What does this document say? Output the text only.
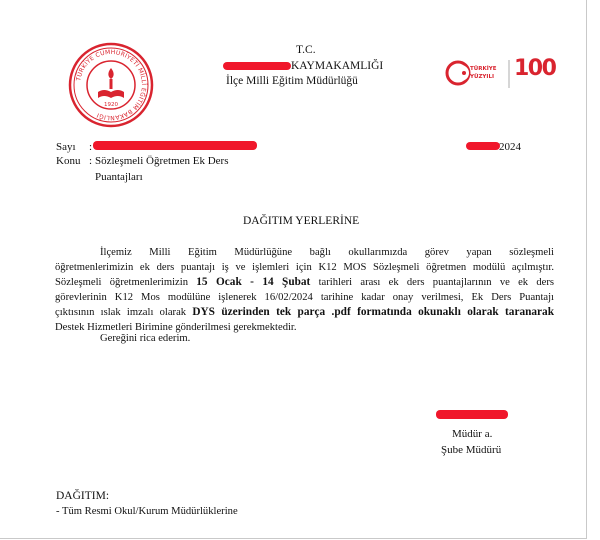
TÜRKİYE CUMHURİYETİ MİLLÎ EĞİTİM BAKANLIĞI
1920
T.C.
KAYMAKAMLIĞI
İlçe Milli Eğitim Müdürlüğü
TÜRKİYE
YÜZYILI 100
Sayı :	2024
Konu : Sözleşmeli Öğretmen Ek Ders
Puantajları
DAĞITIM YERLERİNE
İlçemiz Milli Eğitim Müdürlüğüne bağlı okullarımızda görev yapan sözleşmeli
öğretmenlerimizin ek ders puantajı iş ve işlemleri için K12 MOS Sözleşmeli öğretmen modülü açılmıştır.
Sözleşmeli öğretmenlerimizin 15 Ocak - 14 Şubat tarihleri arası ek ders puantajlarının ve ek ders
görevlerinin K12 Mos modülüne işlenerek 16/02/2024 tarihine kadar onay verilmesi, Ek Ders Puantajı
çıktısının ıslak imzalı olarak DYS üzerinden tek parça .pdf formatında okunaklı olarak taranarak
Destek Hizmetleri Birimine gönderilmesi gerekmektedir.
Gereğini rica ederim.
Müdür a.
Şube Müdürü
DAĞITIM:
- Tüm Resmi Okul/Kurum Müdürlüklerine
